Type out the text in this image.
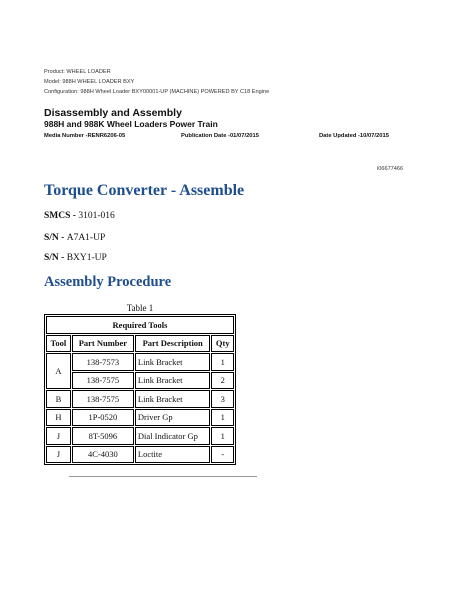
Product: WHEEL LOADER
Model: 988H WHEEL LOADER BXY
Configuration: 988H Wheel Loader BXY00001-UP (MACHINE) POWERED BY C18 Engine
Disassembly and Assembly
988H and 988K Wheel Loaders Power Train
Media Number -RENR6206-05	Publication Date -01/07/2015	Date Updated -10/07/2015
i06677466
Torque Converter - Assemble
SMCS - 3101-016
S/N - A7A1-UP
S/N - BXY1-UP
Assembly Procedure
Table 1
Required Tools			
Tool	Part Number	Part Description	Qty
A	138-7573	Link Bracket	1
	138-7575	Link Bracket	2
B	138-7575	Link Bracket	3
H	1P-0520	Driver Gp	1
J	8T-5096	Dial Indicator Gp	1
J	4C-4030	Loctite	-
